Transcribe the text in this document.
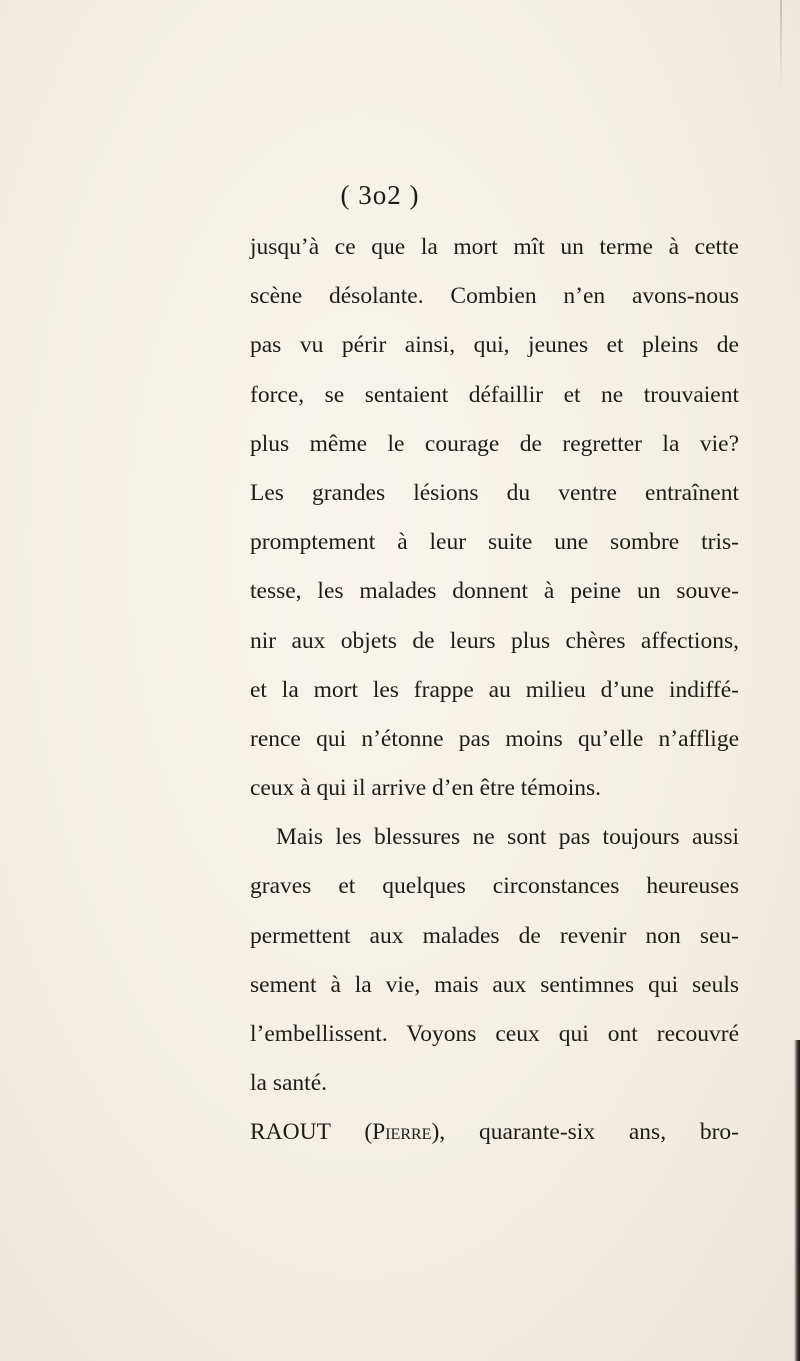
( 3o2 )
jusqu’à ce que la mort mît un terme à cette
scène désolante. Combien n’en avons-nous
pas vu périr ainsi, qui, jeunes et pleins de
force, se sentaient défaillir et ne trouvaient
plus même le courage de regretter la vie?
Les grandes lésions du ventre entraînent
promptement à leur suite une sombre tris-
tesse, les malades donnent à peine un souve-
nir aux objets de leurs plus chères affections,
et la mort les frappe au milieu d’une indiffé-
rence qui n’étonne pas moins qu’elle n’afflige
ceux à qui il arrive d’en être témoins.
Mais les blessures ne sont pas toujours aussi
graves et quelques circonstances heureuses
permettent aux malades de revenir non seu-
sement à la vie, mais aux sentimnes qui seuls
l’embellissent. Voyons ceux qui ont recouvré
la santé.
RAOUT (Pierre), quarante-six ans, bro-
